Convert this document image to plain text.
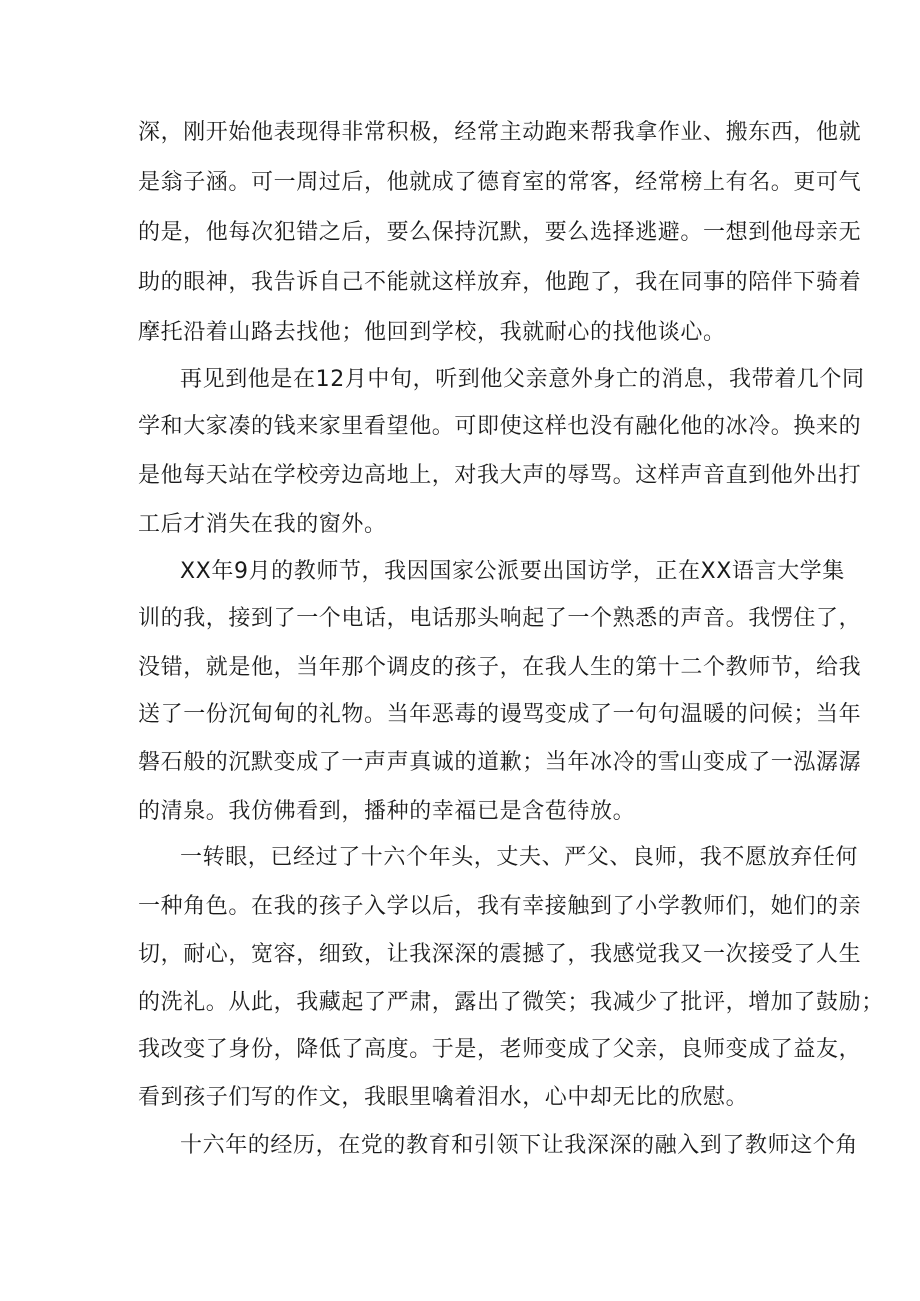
深，刚开始他表现得非常积极，经常主动跑来帮我拿作业、搬东西，他就
是翁子涵。可一周过后，他就成了德育室的常客，经常榜上有名。更可气
的是，他每次犯错之后，要么保持沉默，要么选择逃避。一想到他母亲无
助的眼神，我告诉自己不能就这样放弃，他跑了，我在同事的陪伴下骑着
摩托沿着山路去找他；他回到学校，我就耐心的找他谈心。
再见到他是在12月中旬，听到他父亲意外身亡的消息，我带着几个同
学和大家凑的钱来家里看望他。可即使这样也没有融化他的冰冷。换来的
是他每天站在学校旁边高地上，对我大声的辱骂。这样声音直到他外出打
工后才消失在我的窗外。
XX年9月的教师节，我因国家公派要出国访学，正在XX语言大学集
训的我，接到了一个电话，电话那头响起了一个熟悉的声音。我愣住了，
没错，就是他，当年那个调皮的孩子，在我人生的第十二个教师节，给我
送了一份沉甸甸的礼物。当年恶毒的谩骂变成了一句句温暖的问候；当年
磐石般的沉默变成了一声声真诚的道歉；当年冰冷的雪山变成了一泓潺潺
的清泉。我仿佛看到，播种的幸福已是含苞待放。
一转眼，已经过了十六个年头，丈夫、严父、良师，我不愿放弃任何
一种角色。在我的孩子入学以后，我有幸接触到了小学教师们，她们的亲
切，耐心，宽容，细致，让我深深的震撼了，我感觉我又一次接受了人生
的洗礼。从此，我藏起了严肃，露出了微笑；我减少了批评，增加了鼓励；
我改变了身份，降低了高度。于是，老师变成了父亲，良师变成了益友，
看到孩子们写的作文，我眼里噙着泪水，心中却无比的欣慰。
十六年的经历，在党的教育和引领下让我深深的融入到了教师这个角
